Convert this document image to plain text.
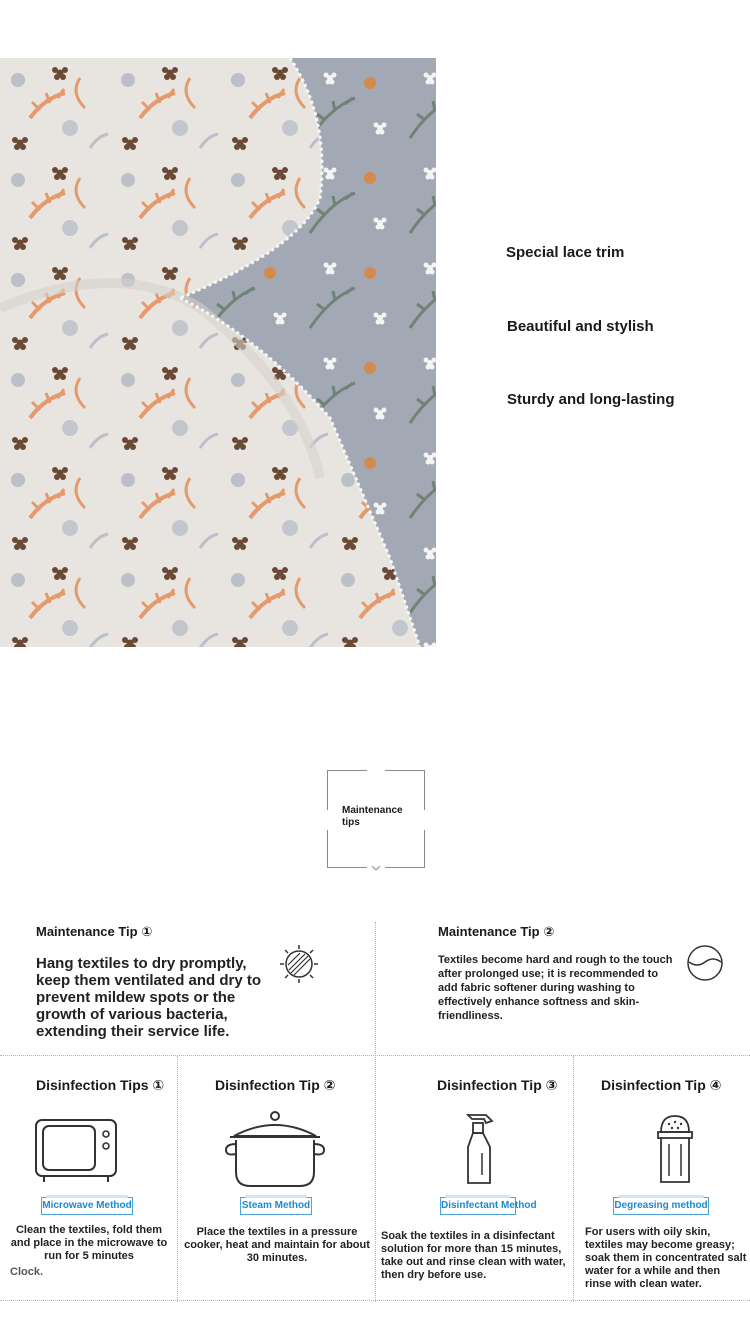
Special lace trim
Beautiful and stylish
Sturdy and long-lasting
Maintenance tips
Maintenance Tip ①
Hang textiles to dry promptly, keep them ventilated and dry to prevent mildew spots or the growth of various bacteria, extending their service life.
Maintenance Tip ②
Textiles become hard and rough to the touch after prolonged use; it is recommended to add fabric softener during washing to effectively enhance softness and skin-friendliness.
Disinfection Tips ①
Microwave Method
Clean the textiles, fold them and place in the microwave to run for 5 minutes
Clock.
Disinfection Tip ②
Steam Method
Place the textiles in a pressure cooker, heat and maintain for about 30 minutes.
Disinfection Tip ③
Disinfectant Method
Soak the textiles in a disinfectant solution for more than 15 minutes, take out and rinse clean with water, then dry before use.
Disinfection Tip ④
Degreasing method
For users with oily skin, textiles may become greasy; soak them in concentrated salt water for a while and then rinse with clean water.
